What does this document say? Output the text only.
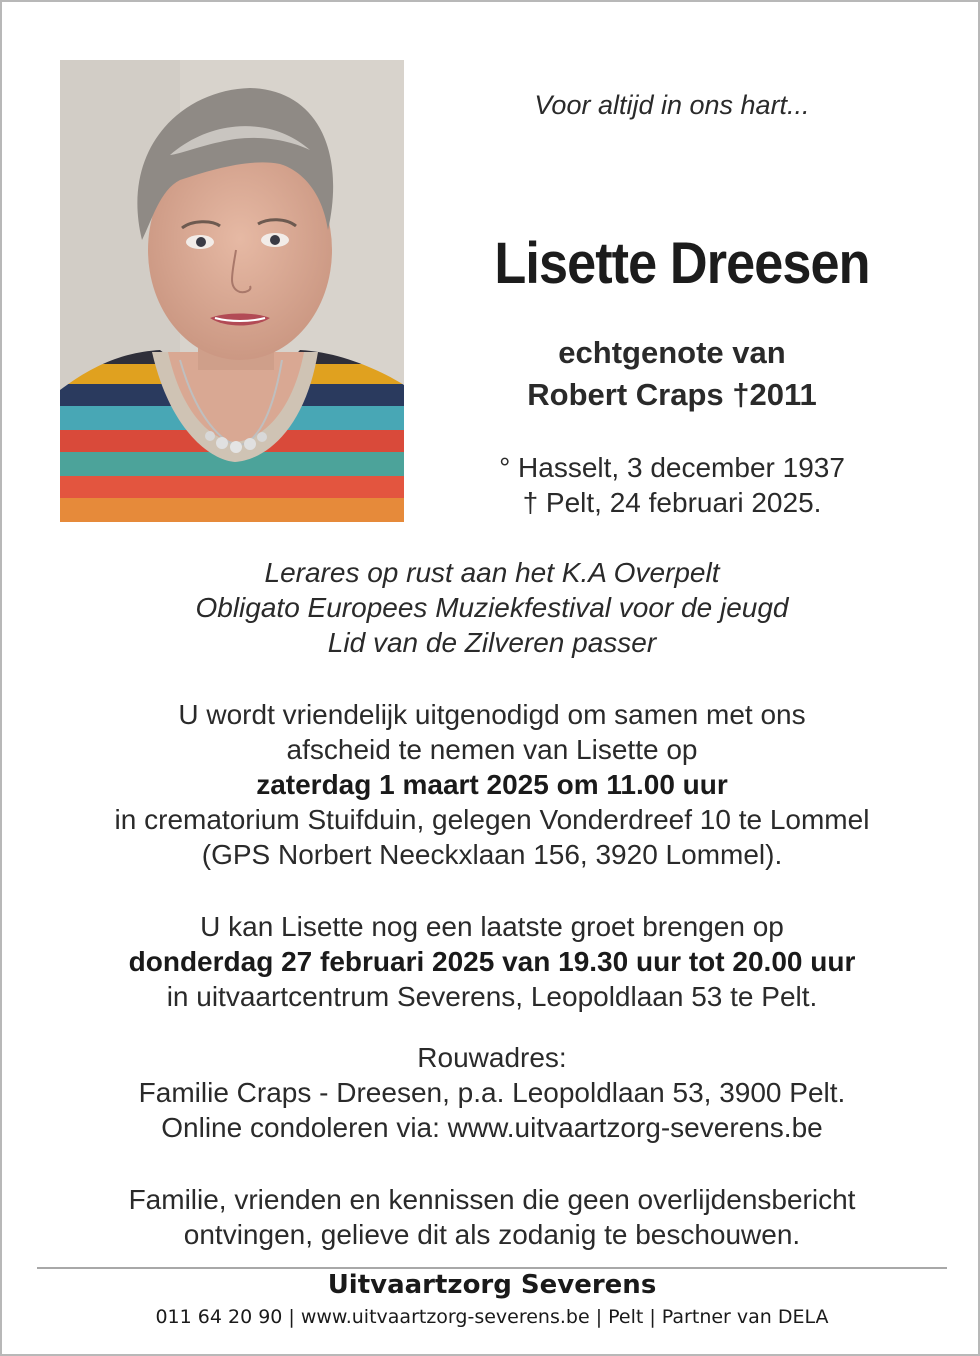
Voor altijd in ons hart...
Lisette Dreesen
echtgenote van
Robert Craps †2011
° Hasselt, 3 december 1937
† Pelt, 24 februari 2025.
Lerares op rust aan het K.A Overpelt
Obligato Europees Muziekfestival voor de jeugd
Lid van de Zilveren passer
U wordt vriendelijk uitgenodigd om samen met ons
afscheid te nemen van Lisette op
zaterdag 1 maart 2025 om 11.00 uur
in crematorium Stuifduin, gelegen Vonderdreef 10 te Lommel
(GPS Norbert Neeckxlaan 156, 3920 Lommel).
U kan Lisette nog een laatste groet brengen op
donderdag 27 februari 2025 van 19.30 uur tot 20.00 uur
in uitvaartcentrum Severens, Leopoldlaan 53 te Pelt.
Rouwadres:
Familie Craps - Dreesen, p.a. Leopoldlaan 53, 3900 Pelt.
Online condoleren via: www.uitvaartzorg-severens.be
Familie, vrienden en kennissen die geen overlijdensbericht
ontvingen, gelieve dit als zodanig te beschouwen.
Uitvaartzorg Severens
011 64 20 90 | www.uitvaartzorg-severens.be | Pelt | Partner van DELA
